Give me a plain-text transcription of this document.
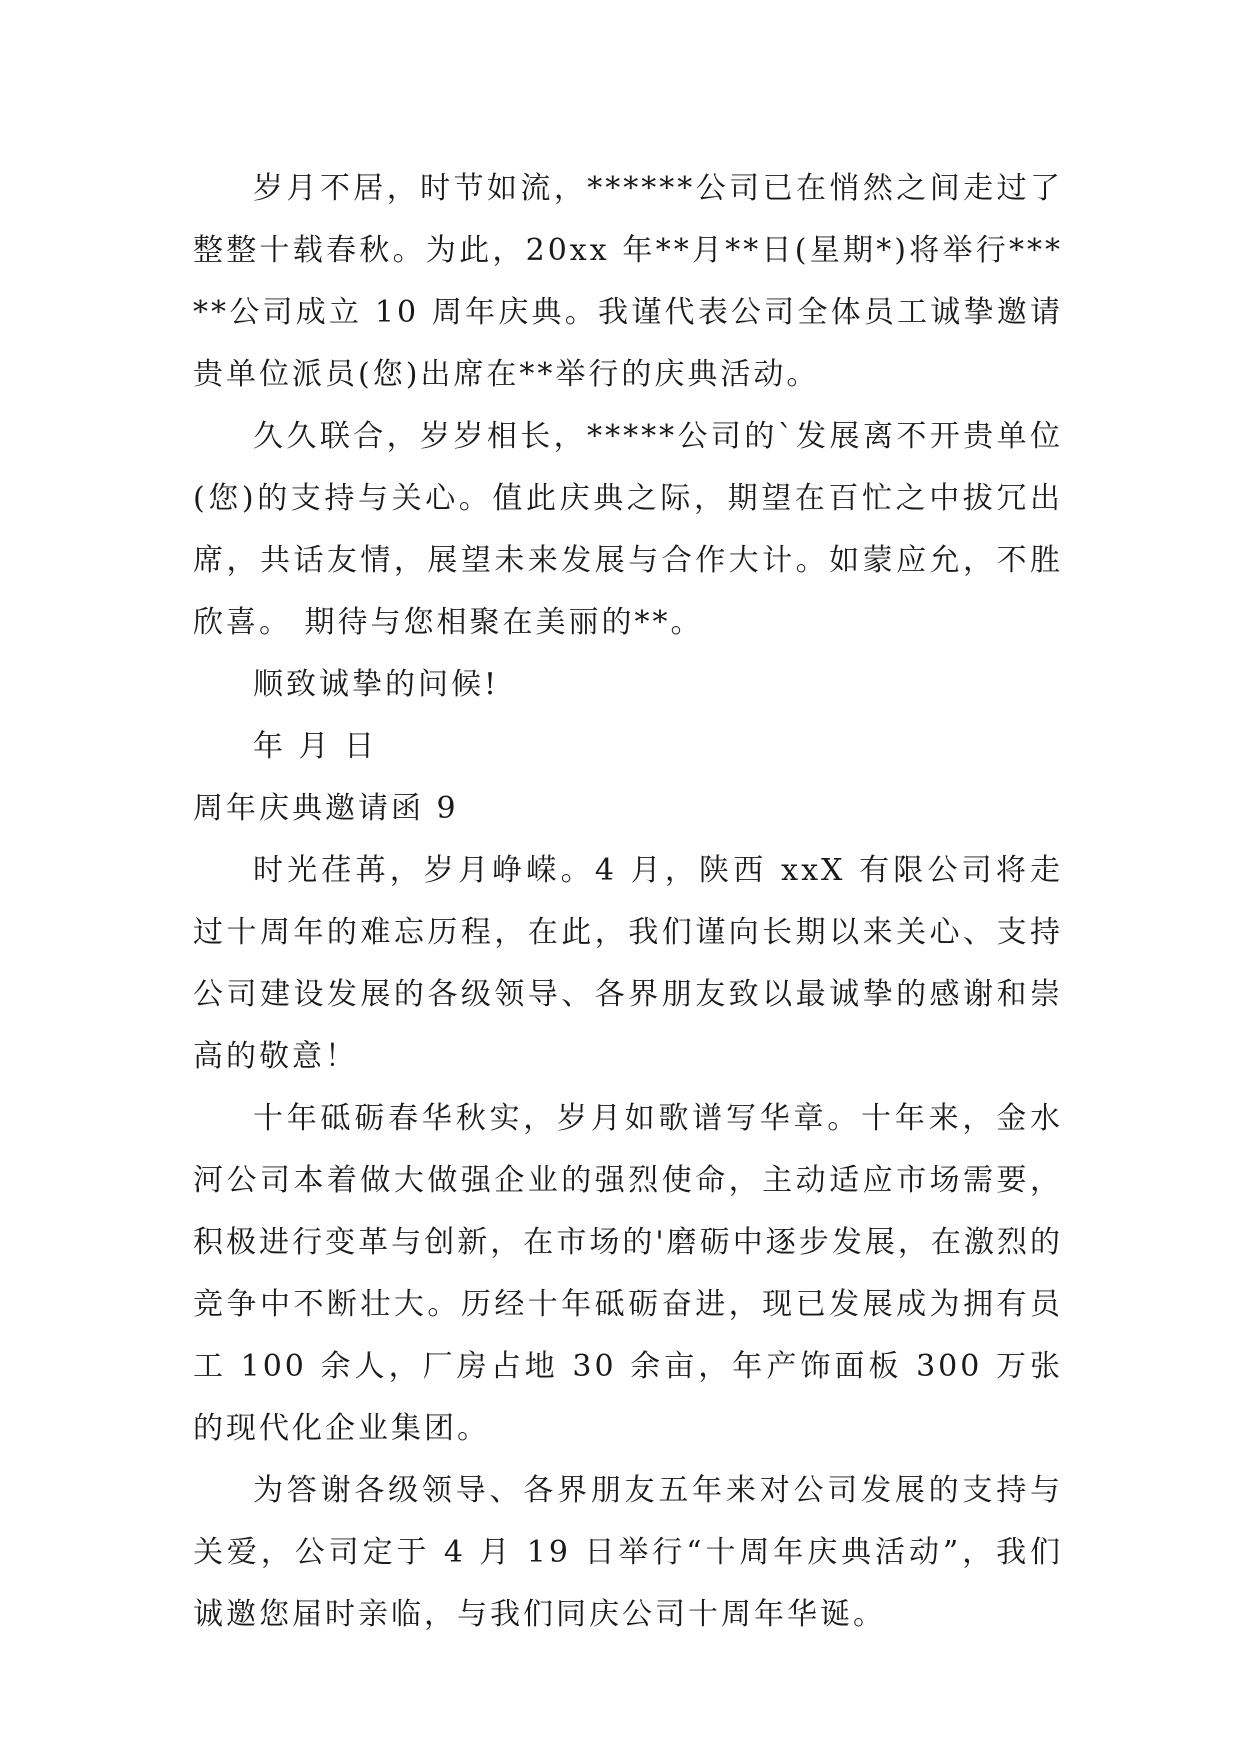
岁月不居，时节如流，******公司已在悄然之间走过了整整十载春秋。为此，20xx 年**月**日(星期*)将举行*****公司成立 10 周年庆典。我谨代表公司全体员工诚挚邀请贵单位派员(您)出席在**举行的庆典活动。

久久联合，岁岁相长，*****公司的`发展离不开贵单位(您)的支持与关心。值此庆典之际，期望在百忙之中拔冗出席，共话友情，展望未来发展与合作大计。如蒙应允，不胜欣喜。 期待与您相聚在美丽的**。

顺致诚挚的问候!

年 月 日

周年庆典邀请函 9

时光荏苒，岁月峥嵘。4 月，陕西 xxX 有限公司将走过十周年的难忘历程，在此，我们谨向长期以来关心、支持公司建设发展的各级领导、各界朋友致以最诚挚的感谢和崇高的敬意！

十年砥砺春华秋实，岁月如歌谱写华章。十年来，金水河公司本着做大做强企业的强烈使命，主动适应市场需要，积极进行变革与创新，在市场的'磨砺中逐步发展，在激烈的竞争中不断壮大。历经十年砥砺奋进，现已发展成为拥有员工 100 余人，厂房占地 30 余亩，年产饰面板 300 万张的现代化企业集团。

为答谢各级领导、各界朋友五年来对公司发展的支持与关爱，公司定于 4 月 19 日举行“十周年庆典活动”，我们诚邀您届时亲临，与我们同庆公司十周年华诞。
